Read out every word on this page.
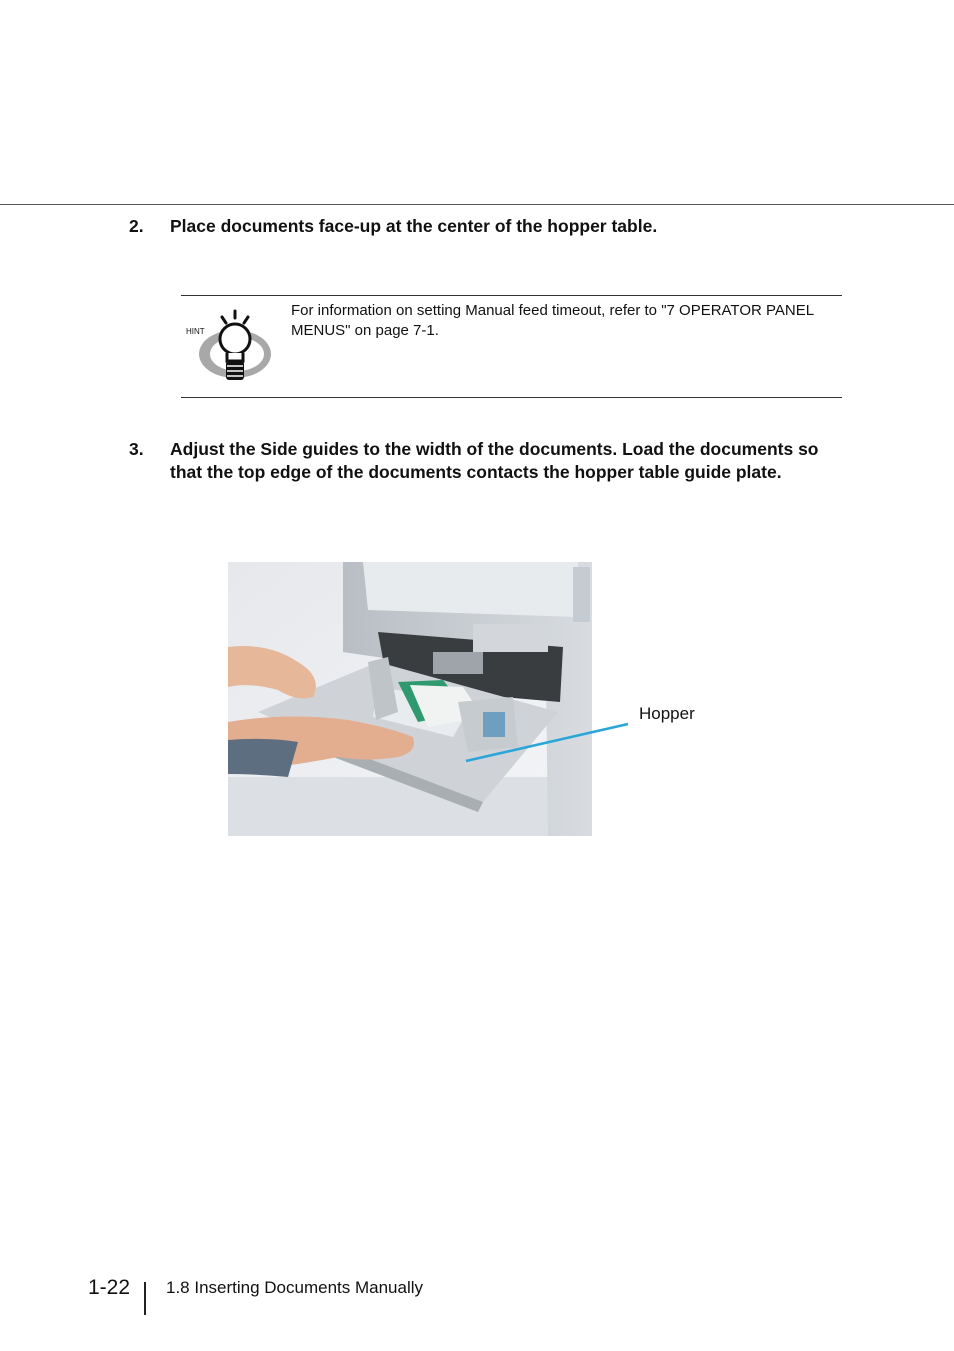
2. Place documents face-up at the center of the hopper table.
HINT
For information on setting Manual feed timeout, refer to "7 OPERATOR PANEL MENUS" on page 7-1.
3. Adjust the Side guides to the width of the documents. Load the documents so that the top edge of the documents contacts the hopper table guide plate.
Hopper
1-22 1.8 Inserting Documents Manually
